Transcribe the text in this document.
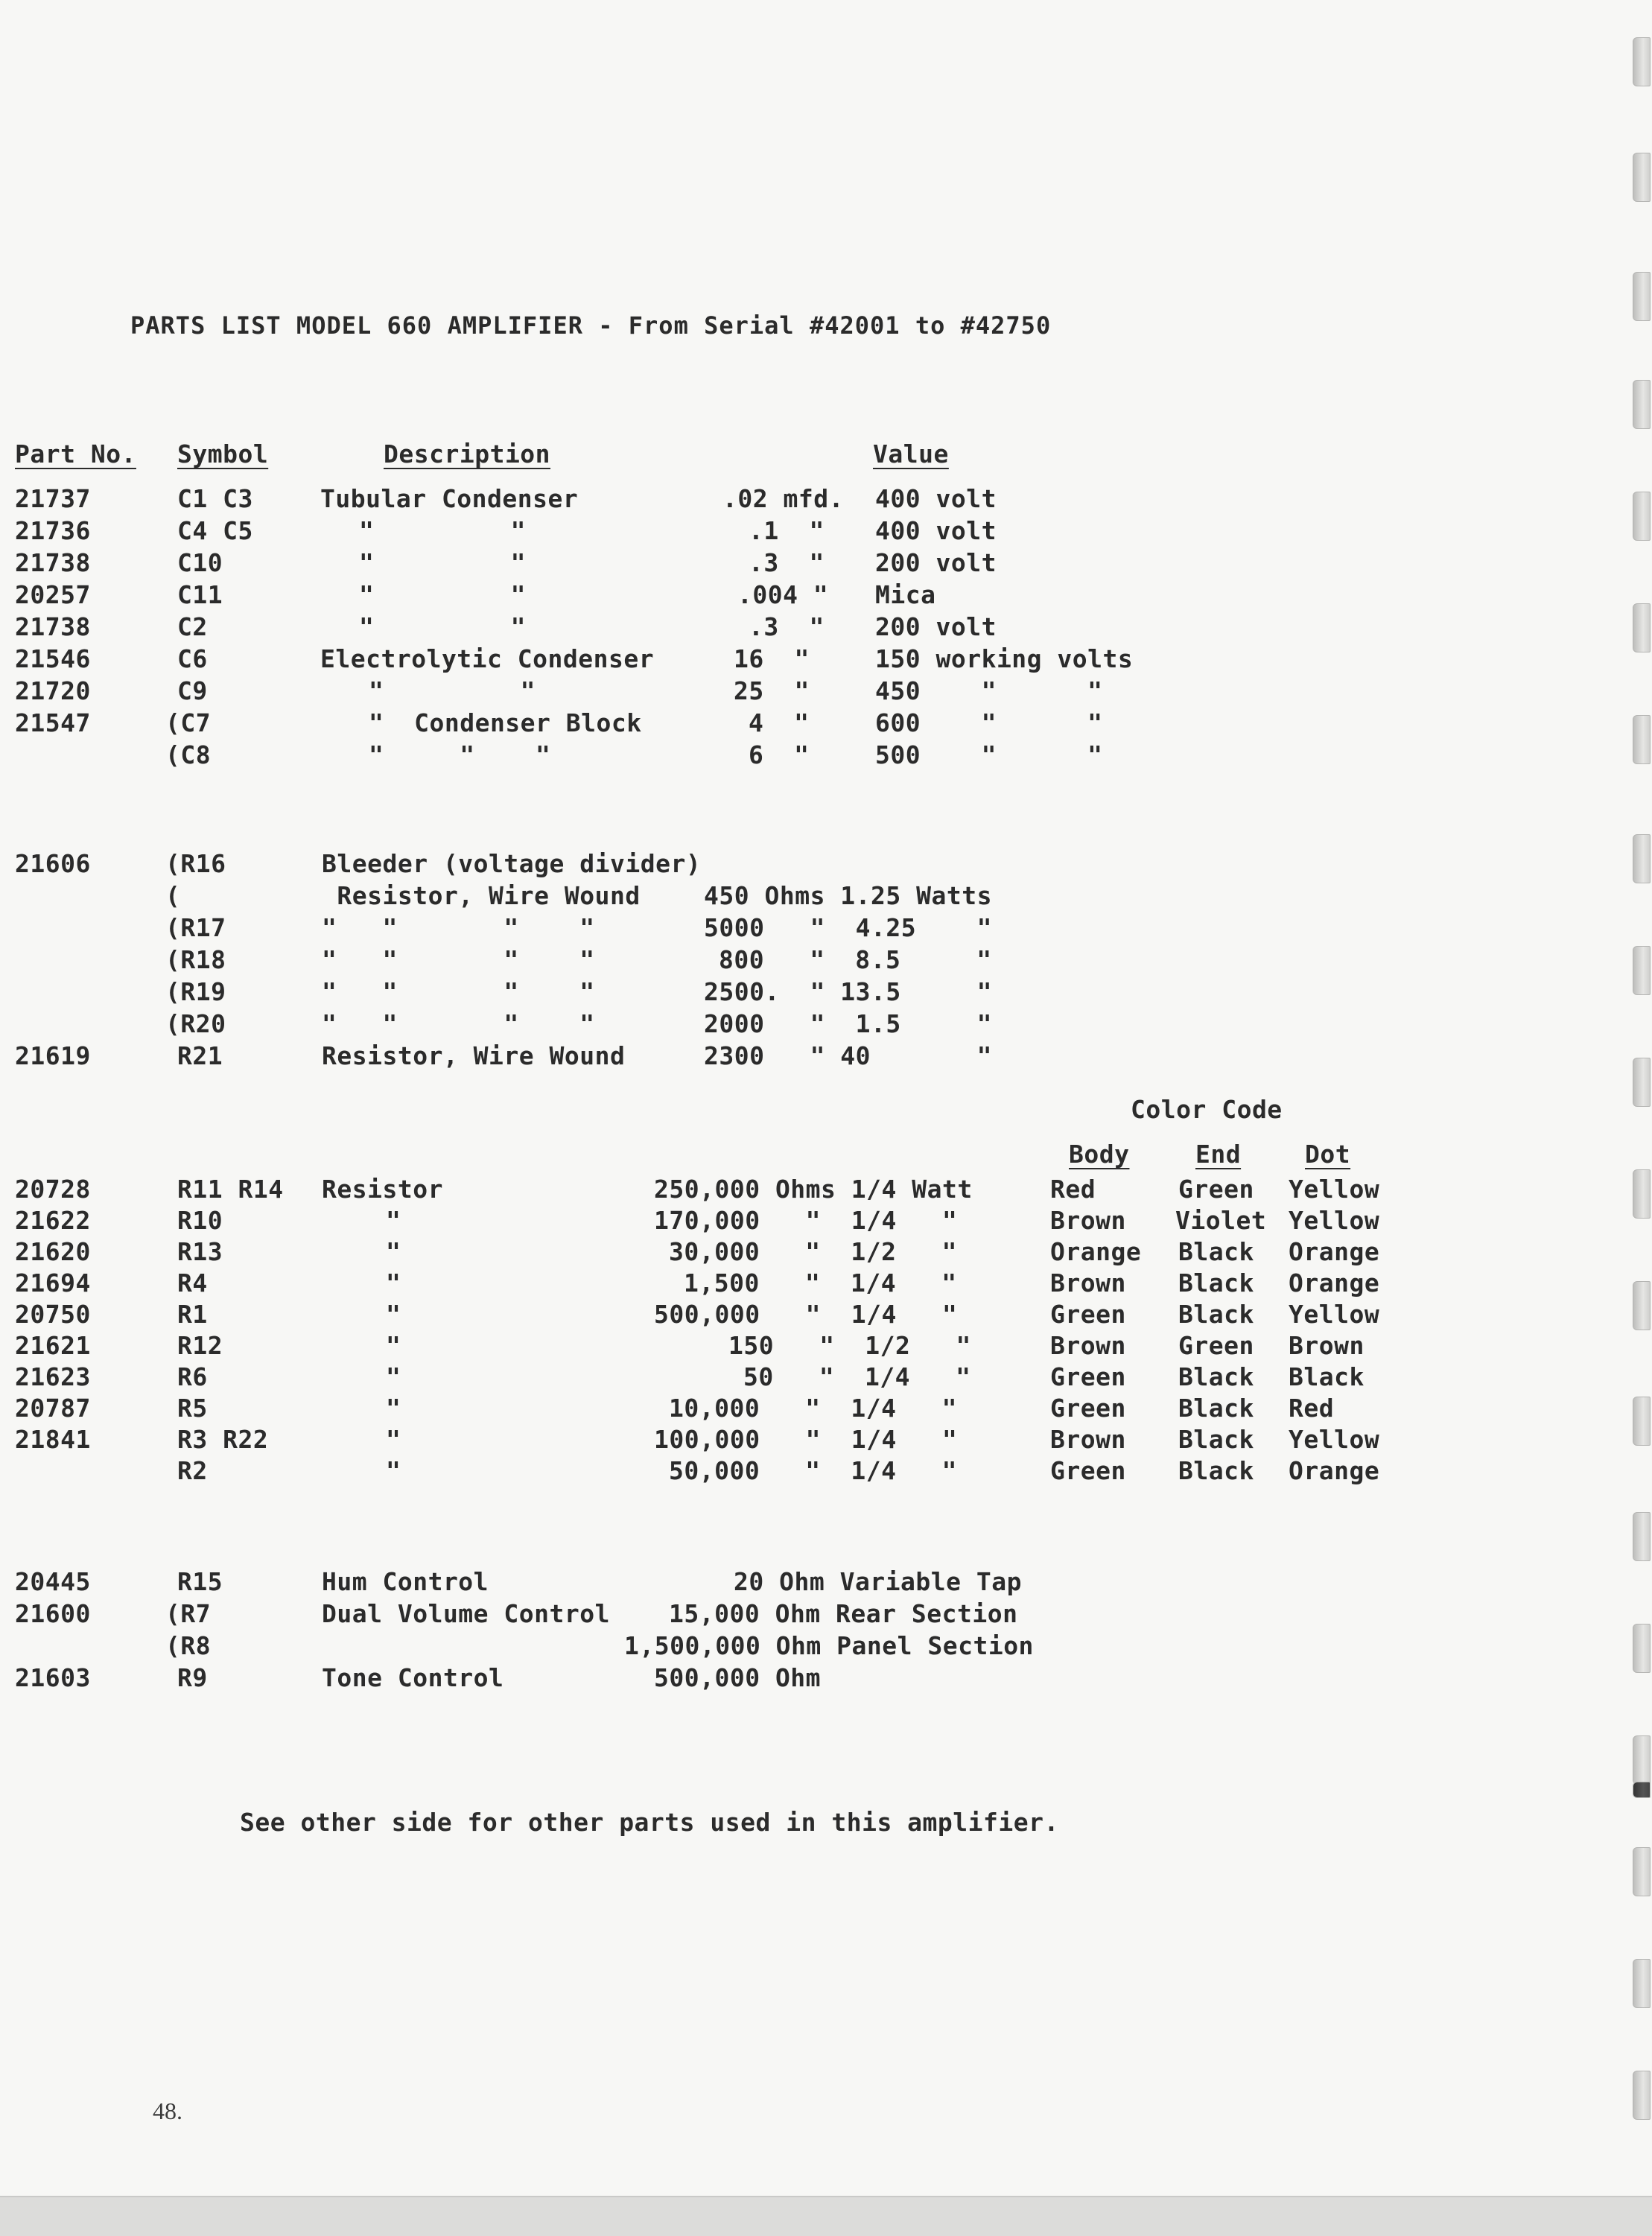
PARTS LIST MODEL 660 AMPLIFIER - From Serial #42001 to #42750
Part No. Symbol	Description	Value
21737	C1 C3	Tubular Condenser	.02 mfd. 400 volt
21736	C4 C5	"         "	.1  " 400 volt
21738	C10	"         "	.3  " 200 volt
20257	C11	"         "	.004 " Mica
21738	C2	"         "	.3  " 200 volt
21546	C6	Electrolytic Condenser	16  "	150 working volts
21720	C9	"         "	25  "	450    "      "
21547	(C7	"  Condenser Block	4  "	600    "      "
(C8	"     "    "	6  "	500    "      "
21606	(R16	Bleeder (voltage divider)
(	Resistor, Wire Wound	450 Ohms 1.25 Watts
(R17	"   "       "    "	5000   "  4.25    "
(R18	"   "       "    "	800   "  8.5     "
(R19	"   "       "    "	2500.  " 13.5     "
(R20	"   "       "    "	2000   "  1.5     "
21619	R21	Resistor, Wire Wound	2300   " 40       "
Color Code
Body	End	Dot
20728	R11 R14 Resistor	250,000 Ohms 1/4 Watt	Red	Green Yellow
21622	R10	"	170,000   "  1/4   "	Brown Violet Yellow
21620	R13	"	30,000   "  1/2   "	Orange Black Orange
21694	R4	"	1,500   "  1/4   "	Brown Black Orange
20750	R1	"	500,000   "  1/4   "	Green Black Yellow
21621	R12	"	150   "  1/2   "	Brown Green Brown
21623	R6	"	50   "  1/4   "	Green Black Black
20787	R5	"	10,000   "  1/4   "	Green Black Red
21841	R3 R22	"	100,000   "  1/4   "	Brown Black Yellow
R2	"	50,000   "  1/4   "	Green Black Orange
20445	R15	Hum Control	20 Ohm Variable Tap
21600	(R7	Dual Volume Control 15,000 Ohm Rear Section
(R8	1,500,000 Ohm Panel Section
21603	R9	Tone Control	500,000 Ohm
See other side for other parts used in this amplifier.
48.
